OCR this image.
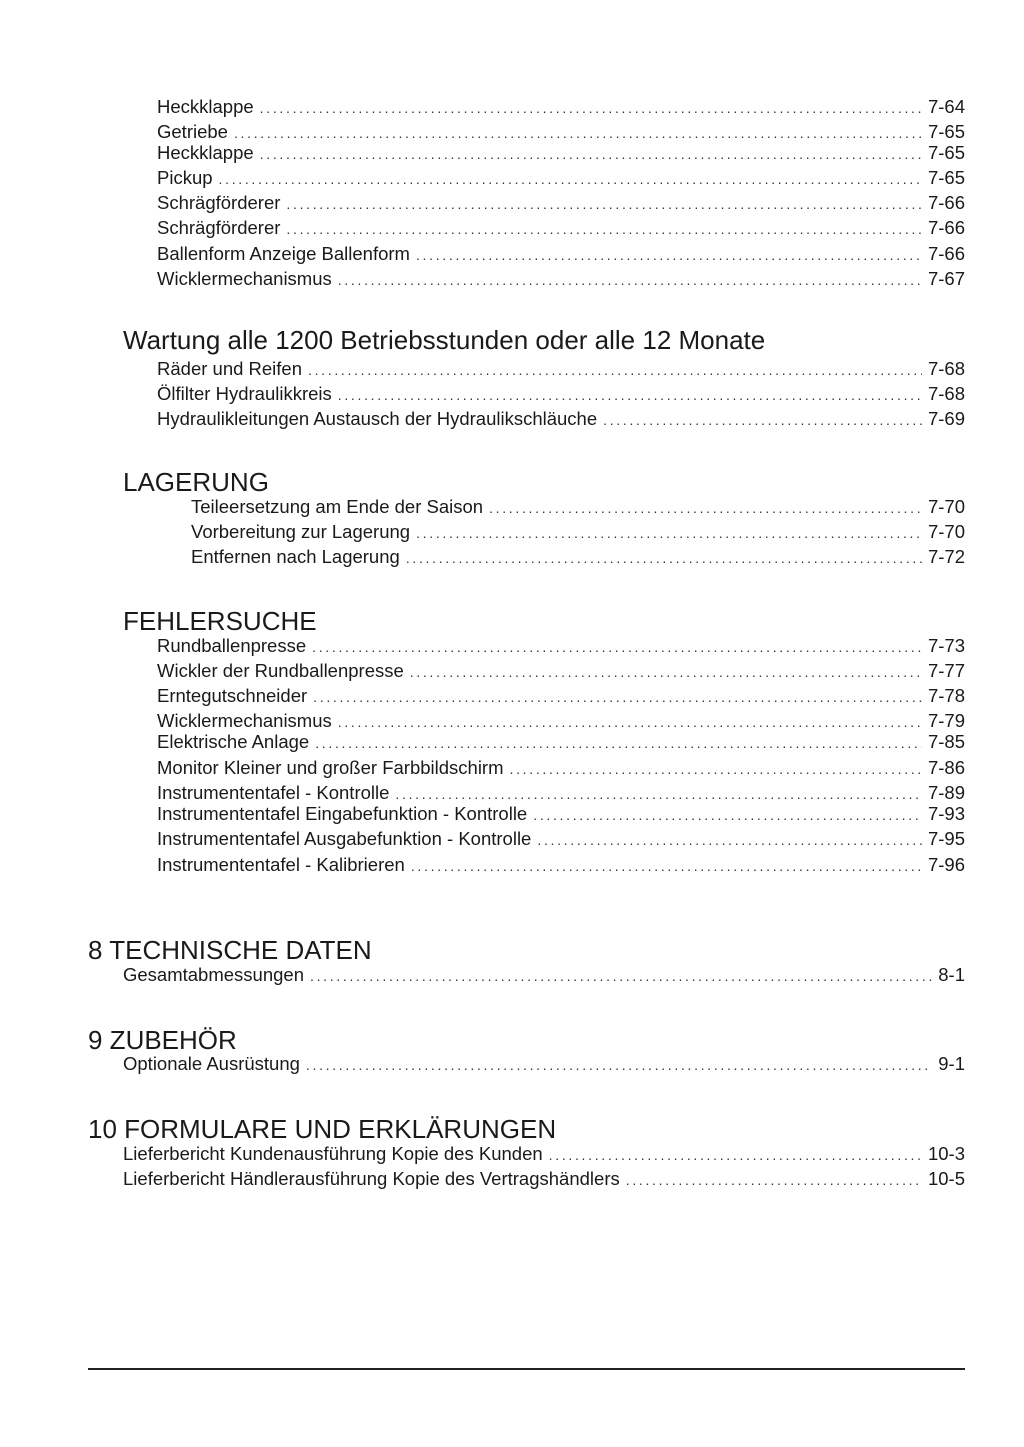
Heckklappe . . .	7-64
Getriebe . . .	7-65
Heckklappe . . .	7-65
Pickup . . .	7-65
Schrägförderer . . .	7-66
Schrägförderer . . .	7-66
Ballenform Anzeige Ballenform . . .	7-66
Wicklermechanismus . . .	7-67
Wartung alle 1200 Betriebsstunden oder alle 12 Monate
Räder und Reifen . . .	7-68
Ölfilter Hydraulikkreis . . .	7-68
Hydraulikleitungen Austausch der Hydraulikschläuche . . .	7-69
LAGERUNG
Teileersetzung am Ende der Saison . . .	7-70
Vorbereitung zur Lagerung . . .	7-70
Entfernen nach Lagerung . . .	7-72
FEHLERSUCHE
Rundballenpresse . . .	7-73
Wickler der Rundballenpresse . . .	7-77
Erntegutschneider . . .	7-78
Wicklermechanismus . . .	7-79
Elektrische Anlage . . .	7-85
Monitor Kleiner und großer Farbbildschirm . . .	7-86
Instrumententafel - Kontrolle . . .	7-89
Instrumententafel Eingabefunktion - Kontrolle . . .	7-93
Instrumententafel Ausgabefunktion - Kontrolle . . .	7-95
Instrumententafel - Kalibrieren . . .	7-96
8 TECHNISCHE DATEN
Gesamtabmessungen . . .	8-1
9 ZUBEHÖR
Optionale Ausrüstung . . .	9-1
10 FORMULARE UND ERKLÄRUNGEN
Lieferbericht Kundenausführung Kopie des Kunden . . .	10-3
Lieferbericht Händlerausführung Kopie des Vertragshändlers . . .	10-5
